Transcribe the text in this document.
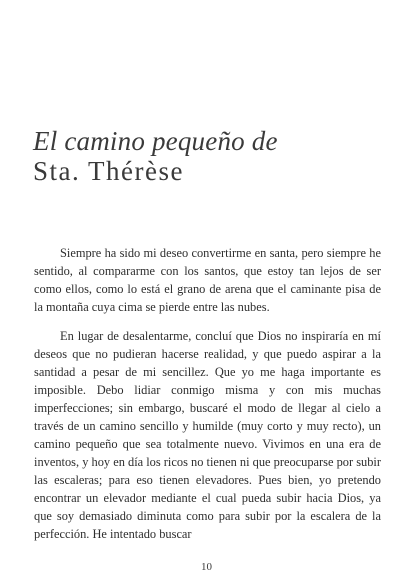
El camino pequeño de
Sta. Thérèse

Siempre ha sido mi deseo convertirme en santa, pero siempre he sentido, al compararme con los santos, que estoy tan lejos de ser como ellos, como lo está el grano de arena que el caminante pisa de la montaña cuya cima se pierde entre las nubes.

En lugar de desalentarme, concluí que Dios no inspiraría en mí deseos que no pudieran hacerse realidad, y que puedo aspirar a la santidad a pesar de mi sencillez. Que yo me haga importante es imposible. Debo lidiar conmigo misma y con mis muchas imperfecciones; sin embargo, buscaré el modo de llegar al cielo a través de un camino sencillo y humilde (muy corto y muy recto), un camino pequeño que sea totalmente nuevo. Vivimos en una era de inventos, y hoy en día los ricos no tienen ni que preocuparse por subir las escaleras; para eso tienen elevadores. Pues bien, yo pretendo encontrar un elevador mediante el cual pueda subir hacia Dios, ya que soy demasiado diminuta como para subir por la escalera de la perfección. He intentado buscar

10
